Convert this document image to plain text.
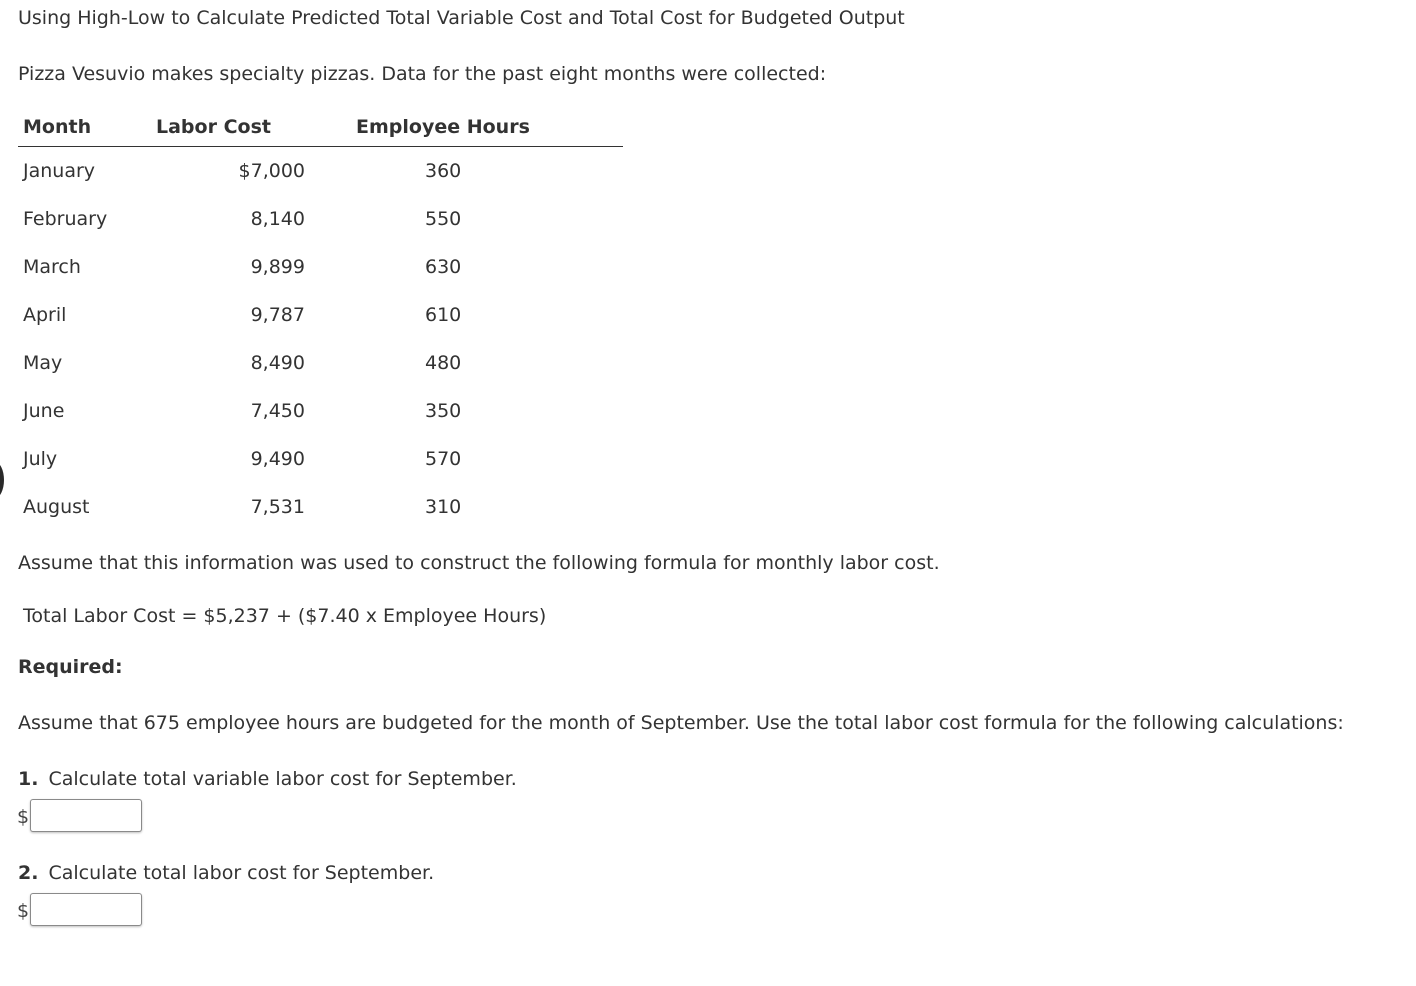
Using High-Low to Calculate Predicted Total Variable Cost and Total Cost for Budgeted Output
Pizza Vesuvio makes specialty pizzas. Data for the past eight months were collected:
Month	Labor Cost	Employee Hours
January	$7,000	360
February	8,140	550
March	9,899	630
April	9,787	610
May	8,490	480
June	7,450	350
July	9,490	570
August	7,531	310
Assume that this information was used to construct the following formula for monthly labor cost.
Total Labor Cost = $5,237 + ($7.40 x Employee Hours)
Required:
Assume that 675 employee hours are budgeted for the month of September. Use the total labor cost formula for the following calculations:
1. Calculate total variable labor cost for September.
$
2. Calculate total labor cost for September.
$
